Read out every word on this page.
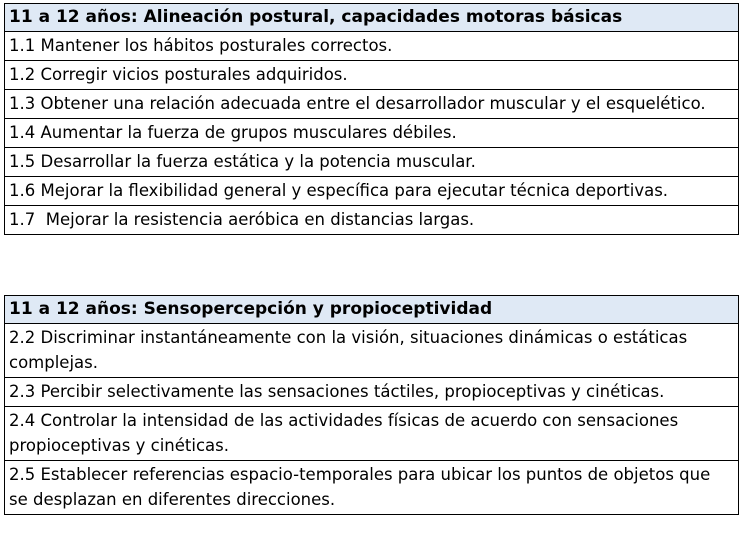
11 a 12 años: Alineación postural, capacidades motoras básicas
1.1 Mantener los hábitos posturales correctos.
1.2 Corregir vicios posturales adquiridos.
1.3 Obtener una relación adecuada entre el desarrollador muscular y el esquelético.
1.4 Aumentar la fuerza de grupos musculares débiles.
1.5 Desarrollar la fuerza estática y la potencia muscular.
1.6 Mejorar la flexibilidad general y específica para ejecutar técnica deportivas.
1.7  Mejorar la resistencia aeróbica en distancias largas.
11 a 12 años: Sensopercepción y propioceptividad
2.2 Discriminar instantáneamente con la visión, situaciones dinámicas o estáticas complejas.
2.3 Percibir selectivamente las sensaciones táctiles, propioceptivas y cinéticas.
2.4 Controlar la intensidad de las actividades físicas de acuerdo con sensaciones propioceptivas y cinéticas.
2.5 Establecer referencias espacio-temporales para ubicar los puntos de objetos que se desplazan en diferentes direcciones.
